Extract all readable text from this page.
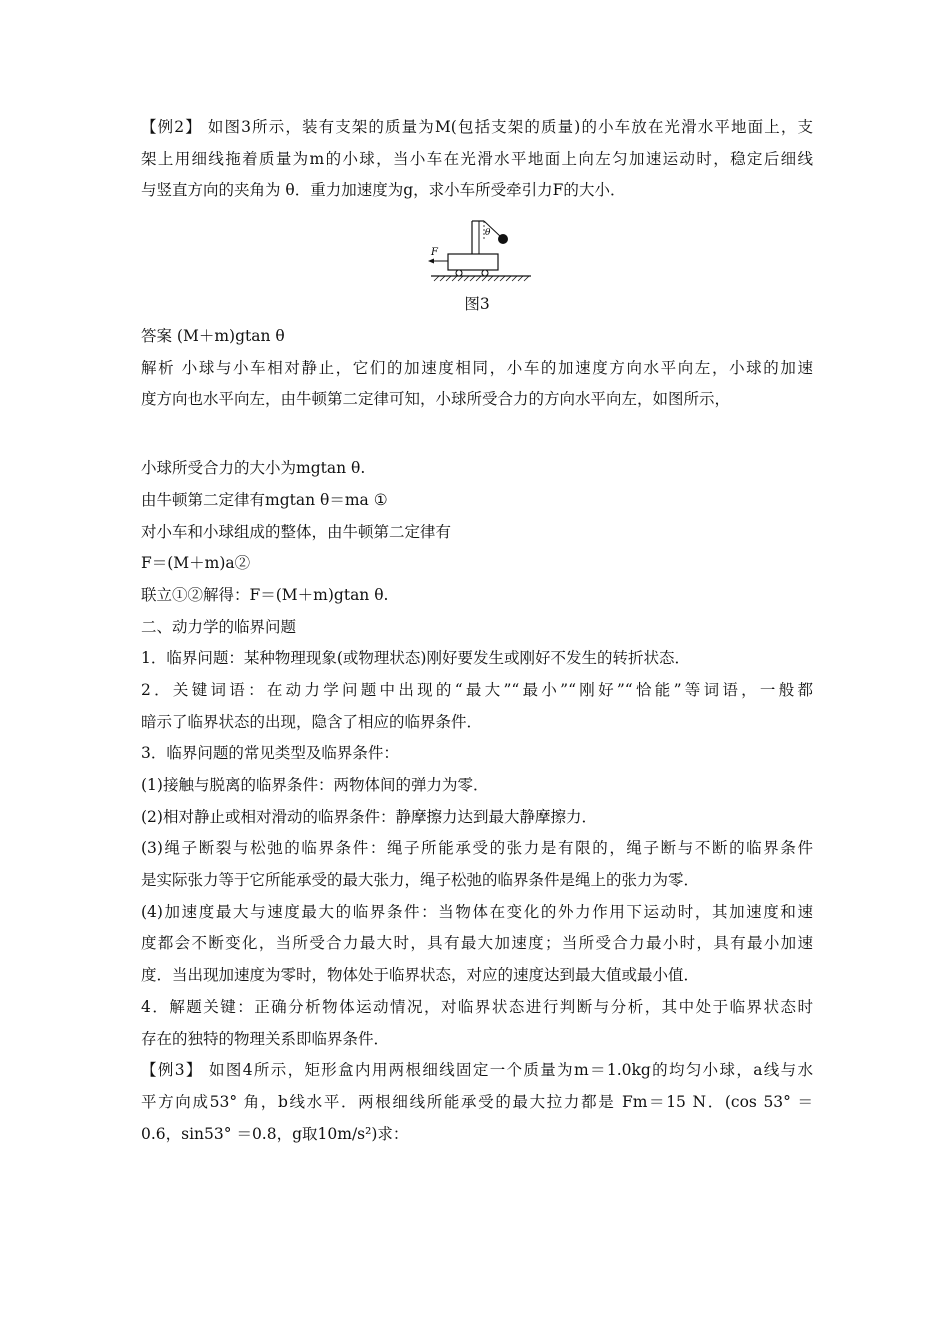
【例2】 如图3所示，装有支架的质量为M(包括支架的质量)的小车放在光滑水平地面上，支
架上用细线拖着质量为m的小球，当小车在光滑水平地面上向左匀加速运动时，稳定后细线
与竖直方向的夹角为 θ．重力加速度为g，求小车所受牵引力F的大小．
θ
F
图3
答案 (M＋m)gtan θ
解析 小球与小车相对静止，它们的加速度相同，小车的加速度方向水平向左，小球的加速
度方向也水平向左，由牛顿第二定律可知，小球所受合力的方向水平向左，如图所示，
小球所受合力的大小为mgtan θ.
由牛顿第二定律有mgtan θ＝ma ①
对小车和小球组成的整体，由牛顿第二定律有
F＝(M＋m)a②
联立①②解得：F＝(M＋m)gtan θ.
二、动力学的临界问题
1．临界问题：某种物理现象(或物理状态)刚好要发生或刚好不发生的转折状态．
2．关键词语：在动力学问题中出现的“最大”“最小”“刚好”“恰能”等词语，一般都
暗示了临界状态的出现，隐含了相应的临界条件．
3．临界问题的常见类型及临界条件：
(1)接触与脱离的临界条件：两物体间的弹力为零．
(2)相对静止或相对滑动的临界条件：静摩擦力达到最大静摩擦力．
(3)绳子断裂与松弛的临界条件：绳子所能承受的张力是有限的，绳子断与不断的临界条件
是实际张力等于它所能承受的最大张力，绳子松弛的临界条件是绳上的张力为零．
(4)加速度最大与速度最大的临界条件：当物体在变化的外力作用下运动时，其加速度和速
度都会不断变化，当所受合力最大时，具有最大加速度；当所受合力最小时，具有最小加速
度．当出现加速度为零时，物体处于临界状态，对应的速度达到最大值或最小值．
4．解题关键：正确分析物体运动情况，对临界状态进行判断与分析，其中处于临界状态时
存在的独特的物理关系即临界条件．
【例3】 如图4所示，矩形盒内用两根细线固定一个质量为m＝1.0kg的均匀小球，a线与水
平方向成53° 角，b线水平．两根细线所能承受的最大拉力都是 Fm＝15 N．(cos 53° ＝
0.6，sin53° ＝0.8，g取10m/s²)求：
